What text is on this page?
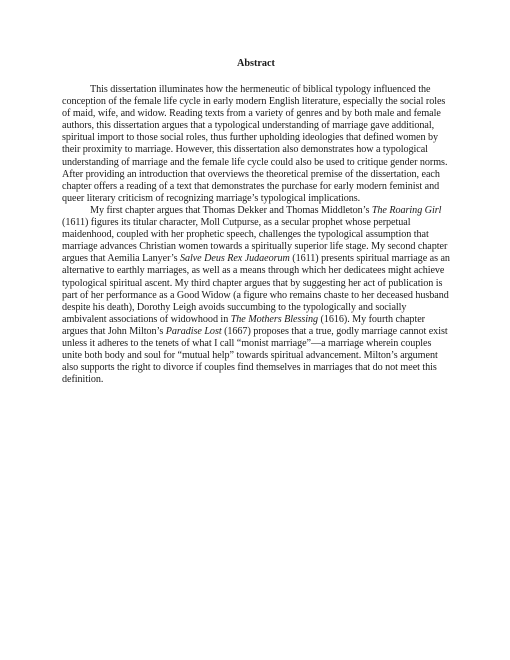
Abstract

This dissertation illuminates how the hermeneutic of biblical typology influenced the conception of the female life cycle in early modern English literature, especially the social roles of maid, wife, and widow. Reading texts from a variety of genres and by both male and female authors, this dissertation argues that a typological understanding of marriage gave additional, spiritual import to those social roles, thus further upholding ideologies that defined women by their proximity to marriage. However, this dissertation also demonstrates how a typological understanding of marriage and the female life cycle could also be used to critique gender norms. After providing an introduction that overviews the theoretical premise of the dissertation, each chapter offers a reading of a text that demonstrates the purchase for early modern feminist and queer literary criticism of recognizing marriage’s typological implications.

My first chapter argues that Thomas Dekker and Thomas Middleton’s The Roaring Girl (1611) figures its titular character, Moll Cutpurse, as a secular prophet whose perpetual maidenhood, coupled with her prophetic speech, challenges the typological assumption that marriage advances Christian women towards a spiritually superior life stage. My second chapter argues that Aemilia Lanyer’s Salve Deus Rex Judaeorum (1611) presents spiritual marriage as an alternative to earthly marriages, as well as a means through which her dedicatees might achieve typological spiritual ascent. My third chapter argues that by suggesting her act of publication is part of her performance as a Good Widow (a figure who remains chaste to her deceased husband despite his death), Dorothy Leigh avoids succumbing to the typologically and socially ambivalent associations of widowhood in The Mothers Blessing (1616). My fourth chapter argues that John Milton’s Paradise Lost (1667) proposes that a true, godly marriage cannot exist unless it adheres to the tenets of what I call “monist marriage”—a marriage wherein couples unite both body and soul for “mutual help” towards spiritual advancement. Milton’s argument also supports the right to divorce if couples find themselves in marriages that do not meet this definition.
